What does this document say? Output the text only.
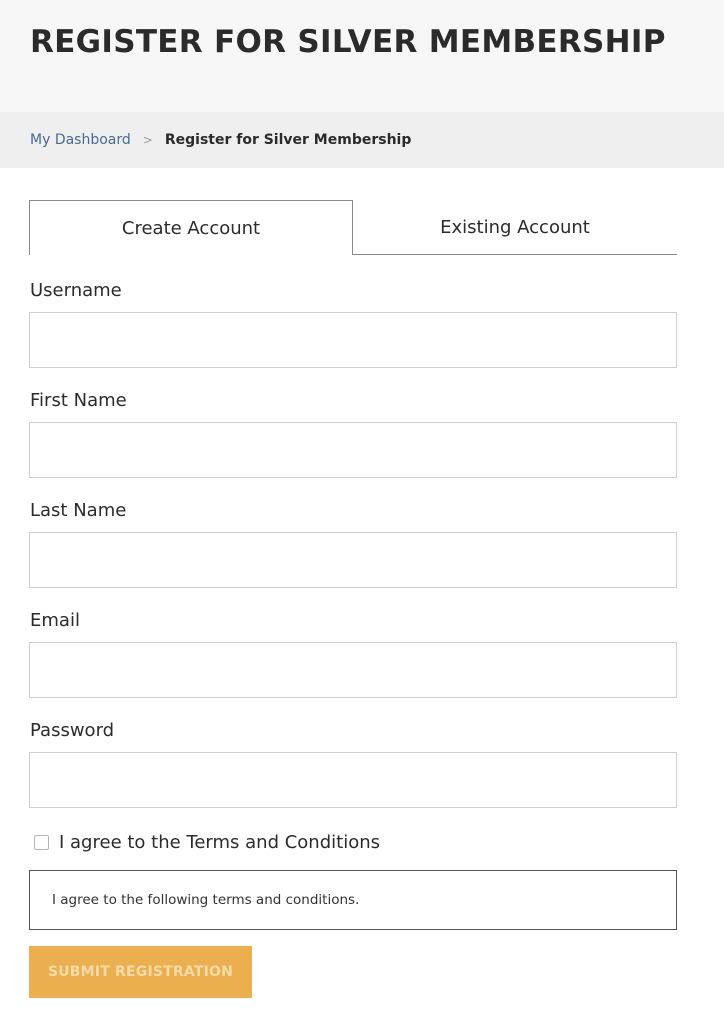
REGISTER FOR SILVER MEMBERSHIP
My Dashboard > Register for Silver Membership
Create Account	Existing Account
Username
First Name
Last Name
Email
Password
I agree to the Terms and Conditions
I agree to the following terms and conditions.
SUBMIT REGISTRATION
